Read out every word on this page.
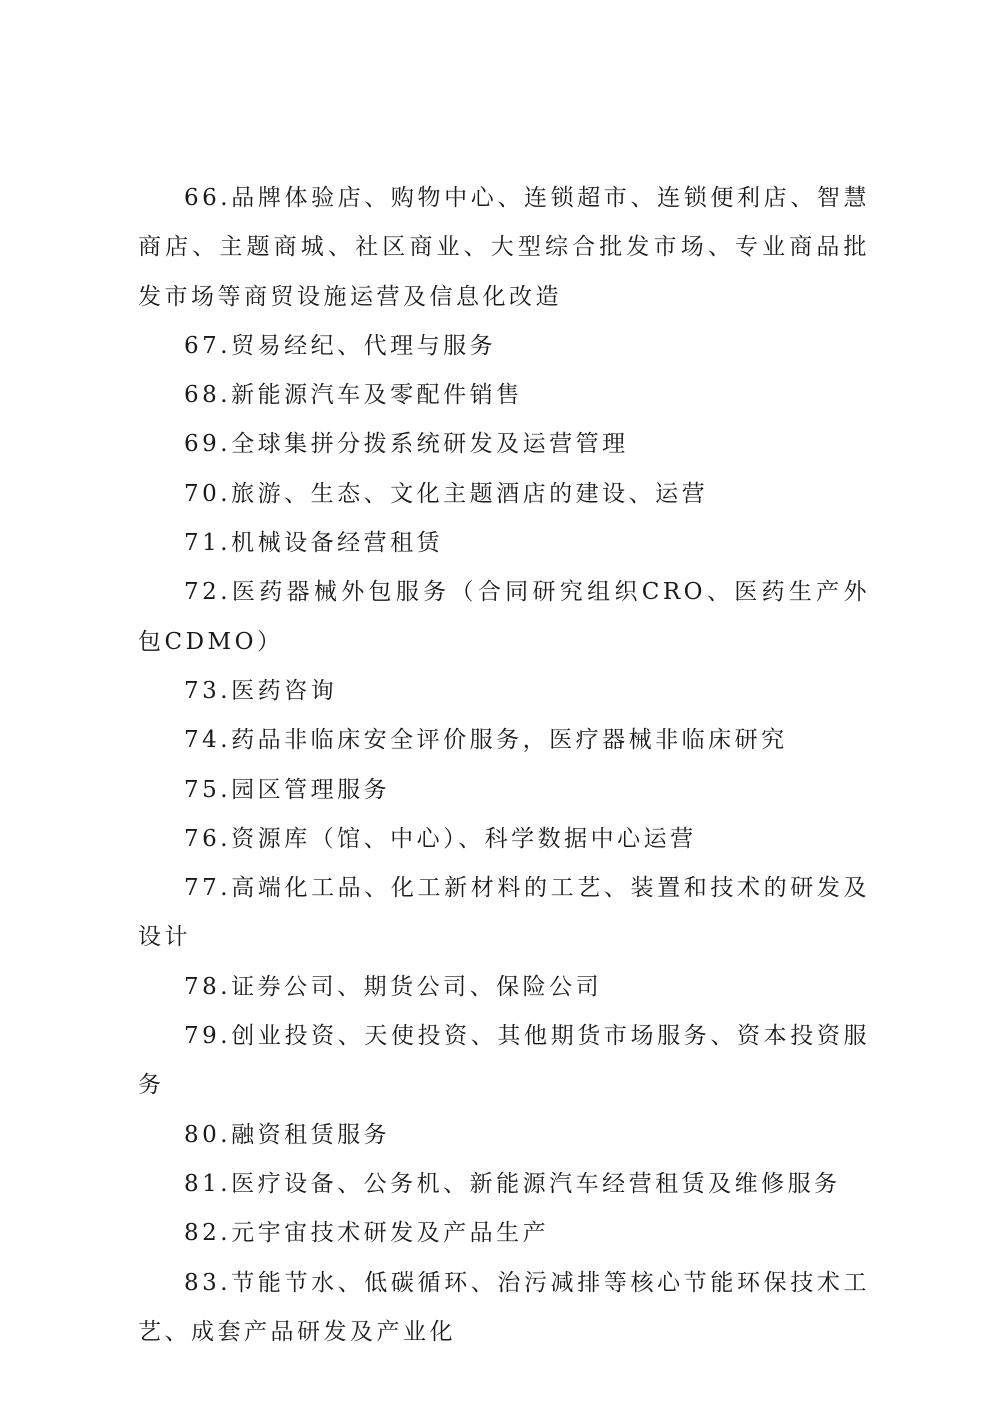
66.品牌体验店、购物中心、连锁超市、连锁便利店、智慧商店、主题商城、社区商业、大型综合批发市场、专业商品批发市场等商贸设施运营及信息化改造

67.贸易经纪、代理与服务

68.新能源汽车及零配件销售

69.全球集拼分拨系统研发及运营管理

70.旅游、生态、文化主题酒店的建设、运营

71.机械设备经营租赁

72.医药器械外包服务（合同研究组织CRO、医药生产外包CDMO）

73.医药咨询

74.药品非临床安全评价服务，医疗器械非临床研究

75.园区管理服务

76.资源库（馆、中心）、科学数据中心运营

77.高端化工品、化工新材料的工艺、装置和技术的研发及设计

78.证券公司、期货公司、保险公司

79.创业投资、天使投资、其他期货市场服务、资本投资服务

80.融资租赁服务

81.医疗设备、公务机、新能源汽车经营租赁及维修服务

82.元宇宙技术研发及产品生产

83.节能节水、低碳循环、治污减排等核心节能环保技术工艺、成套产品研发及产业化
